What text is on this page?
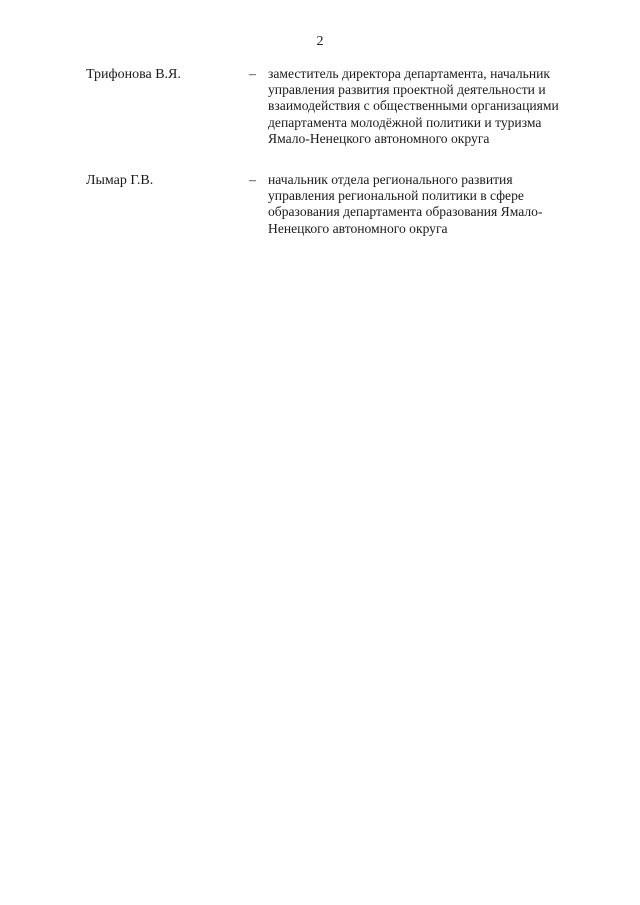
2
Трифонова В.Я.	– заместитель директора департамента, начальник
управления развития проектной деятельности и
взаимодействия с общественными организациями
департамента молодёжной политики и туризма
Ямало-Ненецкого автономного округа
Лымар Г.В.	– начальник отдела регионального развития
управления региональной политики в сфере
образования департамента образования Ямало-
Ненецкого автономного округа
